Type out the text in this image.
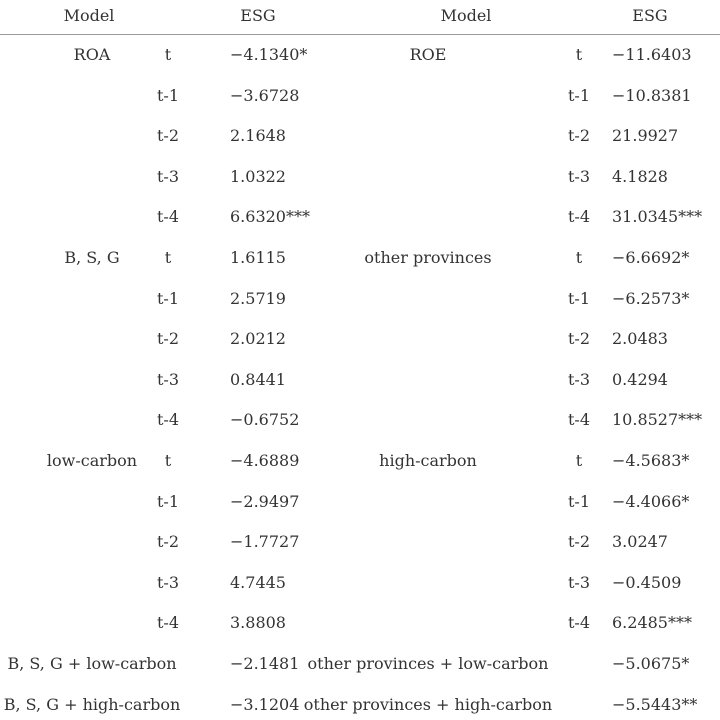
Model	ESG	Model	ESG
ROA	t	−4.1340*	ROE	t −11.6403
t-1	−3.6728	t-1 −10.8381
t-2	2.1648	t-2 21.9927
t-3	1.0322	t-3 4.1828
t-4	6.6320***	t-4 31.0345***
B, S, G	t	1.6115	other provinces	t −6.6692*
t-1	2.5719	t-1 −6.2573*
t-2	2.0212	t-2 2.0483
t-3	0.8441	t-3 0.4294
t-4	−0.6752	t-4 10.8527***
low-carbon t	−4.6889	high-carbon	t −4.5683*
t-1	−2.9497	t-1 −4.4066*
t-2	−1.7727	t-2 3.0247
t-3	4.7445	t-3 −0.4509
t-4	3.8808	t-4 6.2485***
B, S, G + low-carbon	−2.1481 other provinces + low-carbon	−5.0675*
B, S, G + high-carbon	−3.1204 other provinces + high-carbon	−5.5443**
